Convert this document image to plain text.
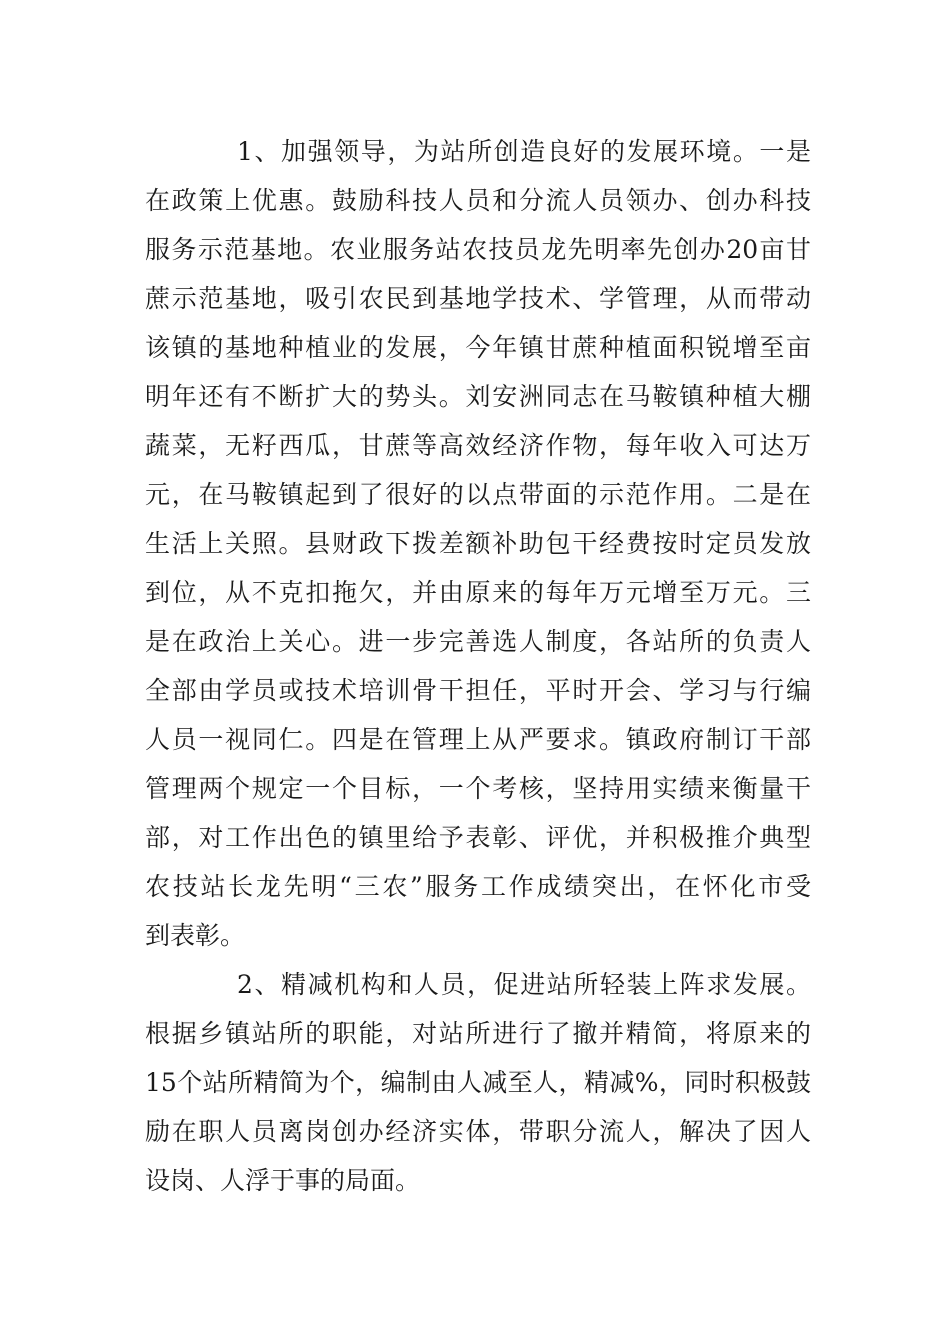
1、加强领导，为站所创造良好的发展环境。一是
在政策上优惠。鼓励科技人员和分流人员领办、创办科技
服务示范基地。农业服务站农技员龙先明率先创办20亩甘
蔗示范基地，吸引农民到基地学技术、学管理，从而带动
该镇的基地种植业的发展，今年镇甘蔗种植面积锐增至亩
明年还有不断扩大的势头。刘安洲同志在马鞍镇种植大棚
蔬菜，无籽西瓜，甘蔗等高效经济作物，每年收入可达万
元，在马鞍镇起到了很好的以点带面的示范作用。二是在
生活上关照。县财政下拨差额补助包干经费按时定员发放
到位，从不克扣拖欠，并由原来的每年万元增至万元。三
是在政治上关心。进一步完善选人制度，各站所的负责人
全部由学员或技术培训骨干担任，平时开会、学习与行编
人员一视同仁。四是在管理上从严要求。镇政府制订干部
管理两个规定一个目标，一个考核，坚持用实绩来衡量干
部，对工作出色的镇里给予表彰、评优，并积极推介典型
农技站长龙先明“三农”服务工作成绩突出，在怀化市受
到表彰。
2、精减机构和人员，促进站所轻装上阵求发展。
根据乡镇站所的职能，对站所进行了撤并精简，将原来的
15个站所精简为个，编制由人减至人，精减%，同时积极鼓
励在职人员离岗创办经济实体，带职分流人，解决了因人
设岗、人浮于事的局面。
